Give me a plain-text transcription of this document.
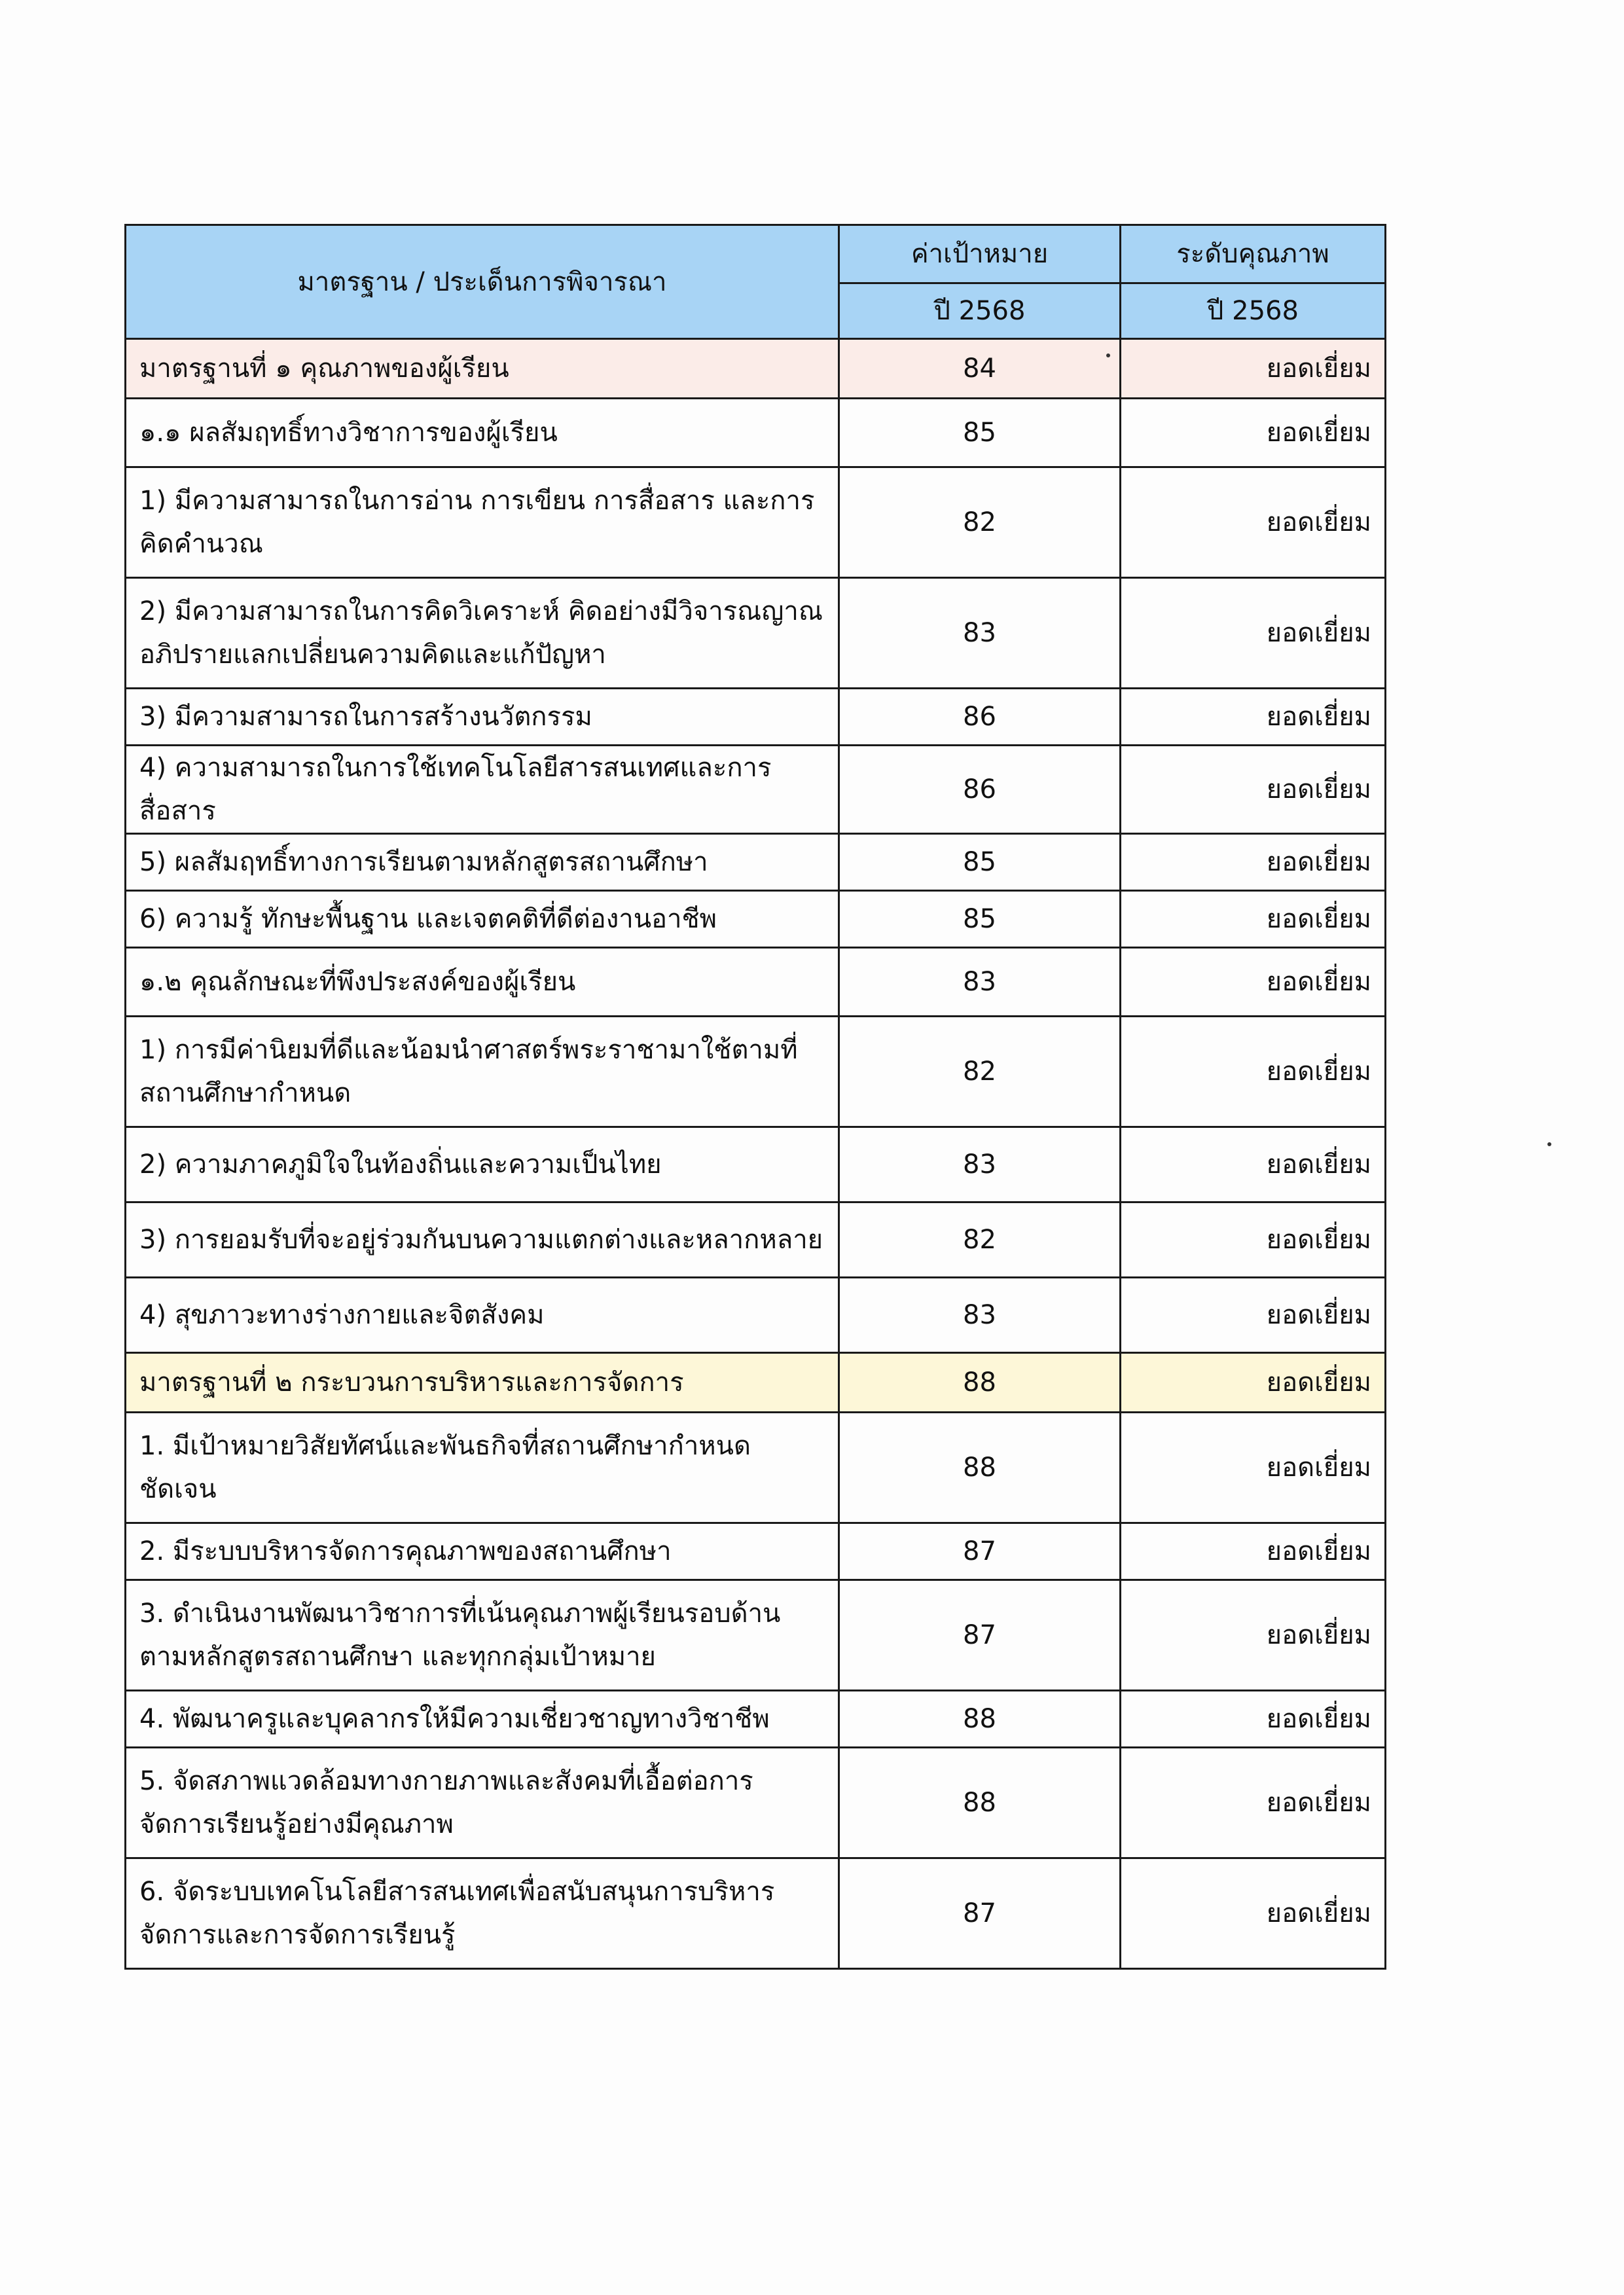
มาตรฐาน / ประเด็นการพิจารณา	ค่าเป้าหมาย	ระดับคุณภาพ
	ปี 2568	ปี 2568
มาตรฐานที่ ๑ คุณภาพของผู้เรียน	84	ยอดเยี่ยม
๑.๑ ผลสัมฤทธิ์ทางวิชาการของผู้เรียน	85	ยอดเยี่ยม
1) มีความสามารถในการอ่าน การเขียน การสื่อสาร และการคิดคำนวณ	82	ยอดเยี่ยม
2) มีความสามารถในการคิดวิเคราะห์ คิดอย่างมีวิจารณญาณ อภิปรายแลกเปลี่ยนความคิดและแก้ปัญหา	83	ยอดเยี่ยม
3) มีความสามารถในการสร้างนวัตกรรม	86	ยอดเยี่ยม
4) ความสามารถในการใช้เทคโนโลยีสารสนเทศและการสื่อสาร	86	ยอดเยี่ยม
5) ผลสัมฤทธิ์ทางการเรียนตามหลักสูตรสถานศึกษา	85	ยอดเยี่ยม
6) ความรู้ ทักษะพื้นฐาน และเจตคติที่ดีต่องานอาชีพ	85	ยอดเยี่ยม
๑.๒ คุณลักษณะที่พึงประสงค์ของผู้เรียน	83	ยอดเยี่ยม
1) การมีค่านิยมที่ดีและน้อมนำศาสตร์พระราชามาใช้ตามที่สถานศึกษากำหนด	82	ยอดเยี่ยม
2) ความภาคภูมิใจในท้องถิ่นและความเป็นไทย	83	ยอดเยี่ยม
3) การยอมรับที่จะอยู่ร่วมกันบนความแตกต่างและหลากหลาย	82	ยอดเยี่ยม
4) สุขภาวะทางร่างกายและจิตสังคม	83	ยอดเยี่ยม
มาตรฐานที่ ๒ กระบวนการบริหารและการจัดการ	88	ยอดเยี่ยม
1. มีเป้าหมายวิสัยทัศน์และพันธกิจที่สถานศึกษากำหนดชัดเจน	88	ยอดเยี่ยม
2. มีระบบบริหารจัดการคุณภาพของสถานศึกษา	87	ยอดเยี่ยม
3. ดำเนินงานพัฒนาวิชาการที่เน้นคุณภาพผู้เรียนรอบด้าน ตามหลักสูตรสถานศึกษา และทุกกลุ่มเป้าหมาย	87	ยอดเยี่ยม
4. พัฒนาครูและบุคลากรให้มีความเชี่ยวชาญทางวิชาชีพ	88	ยอดเยี่ยม
5. จัดสภาพแวดล้อมทางกายภาพและสังคมที่เอื้อต่อการจัดการเรียนรู้อย่างมีคุณภาพ	88	ยอดเยี่ยม
6. จัดระบบเทคโนโลยีสารสนเทศเพื่อสนับสนุนการบริหารจัดการและการจัดการเรียนรู้	87	ยอดเยี่ยม
